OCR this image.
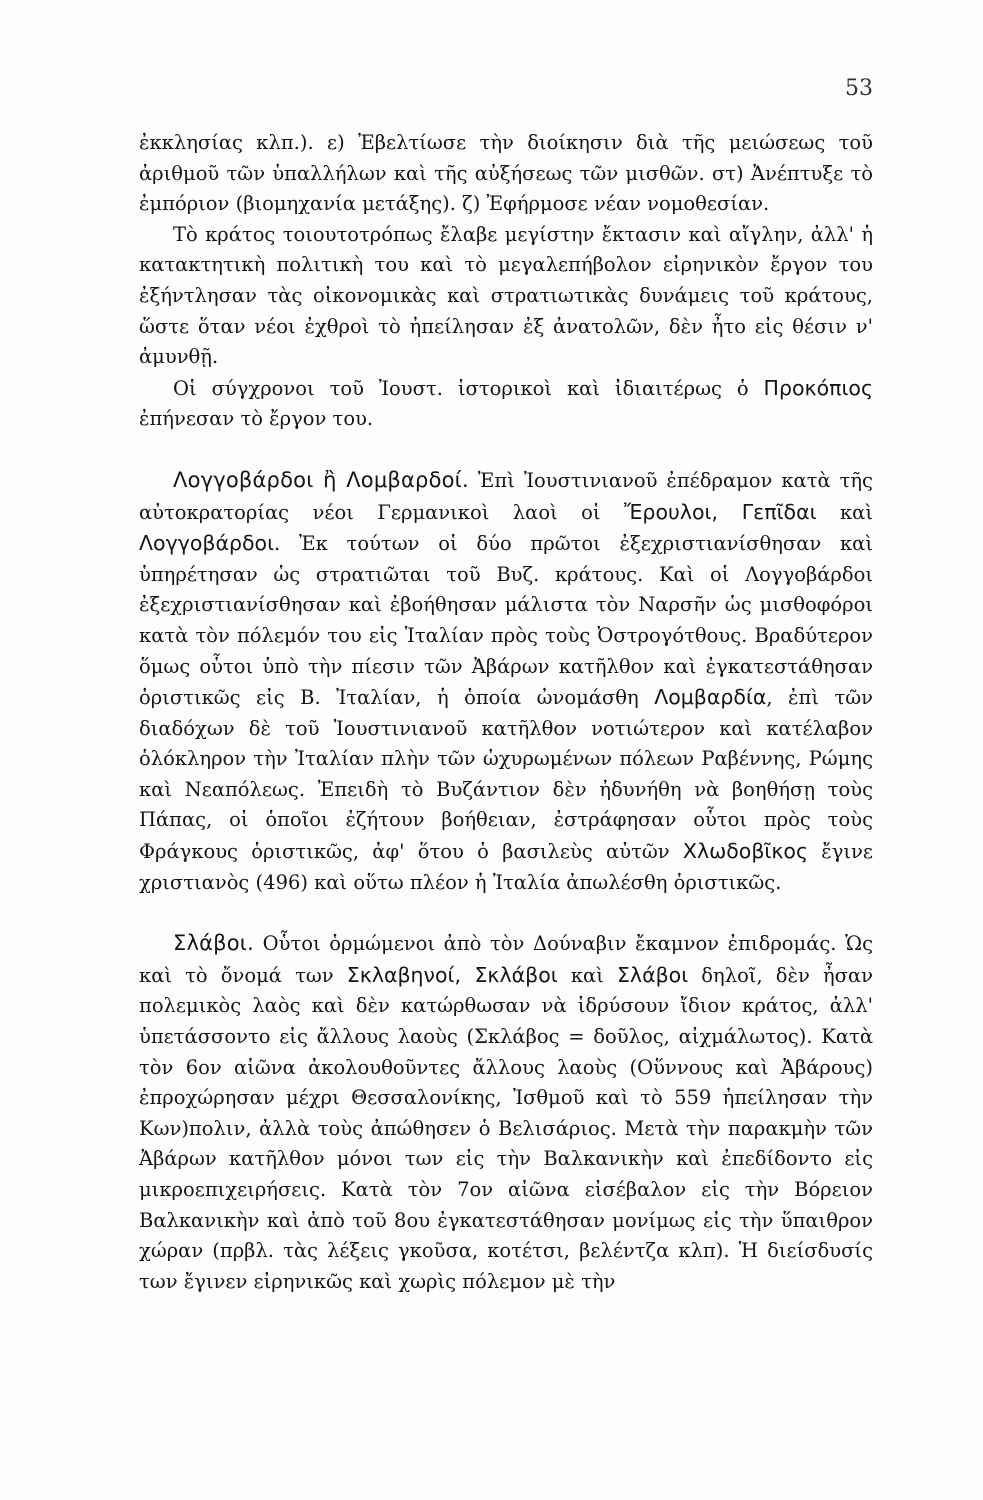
53

ἐκκλησίας κλπ.). ε) Ἐβελτίωσε τὴν διοίκησιν διὰ τῆς μειώσεως τοῦ ἀριθμοῦ τῶν ὑπαλλήλων καὶ τῆς αὐξήσεως τῶν μισθῶν. στ) Ἀνέπτυξε τὸ ἐμπόριον (βιομηχανία μετάξης). ζ) Ἐφήρμοσε νέαν νομοθεσίαν.

Τὸ κράτος τοιουτοτρόπως ἔλαβε μεγίστην ἔκτασιν καὶ αἴγλην, ἀλλ' ἡ κατακτητικὴ πολιτικὴ του καὶ τὸ μεγαλεπήβολον εἰρηνικὸν ἔργον του ἐξήντλησαν τὰς οἰκονομικὰς καὶ στρατιωτικὰς δυνάμεις τοῦ κράτους, ὥστε ὅταν νέοι ἐχθροὶ τὸ ἠπείλησαν ἐξ ἀνατολῶν, δὲν ἦτο εἰς θέσιν ν' ἀμυνθῇ.

Οἱ σύγχρονοι τοῦ Ἰουστ. ἱστορικοὶ καὶ ἰδιαιτέρως ὁ Προκόπιος ἐπήνεσαν τὸ ἔργον του.

Λογγοβάρδοι ἢ Λομβαρδοί. Ἐπὶ Ἰουστινιανοῦ ἐπέδραμον κατὰ τῆς αὐτοκρατορίας νέοι Γερμανικοὶ λαοὶ οἱ Ἔρουλοι, Γεπῖδαι καὶ Λογγοβάρδοι. Ἐκ τούτων οἱ δύο πρῶτοι ἐξεχριστιανίσθησαν καὶ ὑπηρέτησαν ὡς στρατιῶται τοῦ Βυζ. κράτους. Καὶ οἱ Λογγοβάρδοι ἐξεχριστιανίσθησαν καὶ ἐβοήθησαν μάλιστα τὸν Ναρσῆν ὡς μισθοφόροι κατὰ τὸν πόλεμόν του εἰς Ἰταλίαν πρὸς τοὺς Ὀστρογότθους. Βραδύτερον ὅμως οὗτοι ὑπὸ τὴν πίεσιν τῶν Ἀβάρων κατῆλθον καὶ ἐγκατεστάθησαν ὁριστικῶς εἰς Β. Ἰταλίαν, ἡ ὁποία ὠνομάσθη Λομβαρδία, ἐπὶ τῶν διαδόχων δὲ τοῦ Ἰουστινιανοῦ κατῆλθον νοτιώτερον καὶ κατέλαβον ὁλόκληρον τὴν Ἰταλίαν πλὴν τῶν ὠχυρωμένων πόλεων Ραβέννης, Ρώμης καὶ Νεαπόλεως. Ἐπειδὴ τὸ Βυζάντιον δὲν ἠδυνήθη νὰ βοηθήσῃ τοὺς Πάπας, οἱ ὁποῖοι ἐζήτουν βοήθειαν, ἐστράφησαν οὗτοι πρὸς τοὺς Φράγκους ὁριστικῶς, ἀφ' ὅτου ὁ βασιλεὺς αὐτῶν Χλωδοβῖκος ἔγινε χριστιανὸς (496) καὶ οὕτω πλέον ἡ Ἰταλία ἀπωλέσθη ὁριστικῶς.

Σλάβοι. Οὗτοι ὁρμώμενοι ἀπὸ τὸν Δούναβιν ἔκαμνον ἐπιδρομάς. Ὡς καὶ τὸ ὄνομά των Σκλαβηνοί, Σκλάβοι καὶ Σλάβοι δηλοῖ, δὲν ἦσαν πολεμικὸς λαὸς καὶ δὲν κατώρθωσαν νὰ ἱδρύσουν ἴδιον κράτος, ἀλλ' ὑπετάσσοντο εἰς ἄλλους λαοὺς (Σκλάβος = δοῦλος, αἰχμάλωτος). Κατὰ τὸν 6ον αἰῶνα ἀκολουθοῦντες ἄλλους λαοὺς (Οὕννους καὶ Ἀβάρους) ἐπροχώρησαν μέχρι Θεσσαλονίκης, Ἰσθμοῦ καὶ τὸ 559 ἠπείλησαν τὴν Κων)πολιν, ἀλλὰ τοὺς ἀπώθησεν ὁ Βελισάριος. Μετὰ τὴν παρακμὴν τῶν Ἀβάρων κατῆλθον μόνοι των εἰς τὴν Βαλκανικὴν καὶ ἐπεδίδοντο εἰς μικροεπιχειρήσεις. Κατὰ τὸν 7ον αἰῶνα εἰσέβαλον εἰς τὴν Βόρειον Βαλκανικὴν καὶ ἀπὸ τοῦ 8ου ἐγκατεστάθησαν μονίμως εἰς τὴν ὕπαιθρον χώραν (πρβλ. τὰς λέξεις γκοῦσα, κοτέτσι, βελέντζα κλπ). Ἡ διείσδυσίς των ἔγινεν εἰρηνικῶς καὶ χωρὶς πόλεμον μὲ τὴν
